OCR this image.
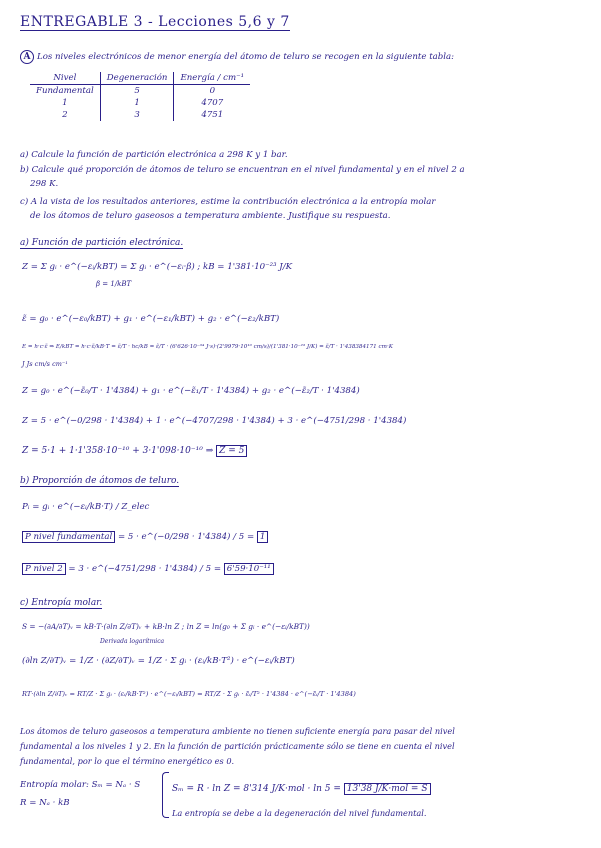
ENTREGABLE 3 - Lecciones 5,6 y 7
A Los niveles electrónicos de menor energía del átomo de teluro se recogen en la siguiente tabla:
Nivel	Degeneración	Energía / cm⁻¹
Fundamental	5	0
1	1	4707
2	3	4751
a) Calcule la función de partición electrónica a 298 K y 1 bar.
b) Calcule qué proporción de átomos de teluro se encuentran en el nivel fundamental y en el nivel 2 a
298 K.
c) A la vista de los resultados anteriores, estime la contribución electrónica a la entropía molar
de los átomos de teluro gaseosos a temperatura ambiente. Justifique su respuesta.
a) Función de partición electrónica.
Z = Σ gᵢ · e^(−εᵢ/kBT) = Σ gᵢ · e^(−εᵢ·β) ; kB = 1'381·10⁻²³ J/K
β = 1/kBT
ε̃ = g₀ · e^(−ε₀/kBT) + g₁ · e^(−ε₁/kBT) + g₂ · e^(−ε₂/kBT)
E = h·c·ε̃ ⇒ E/kBT = h·c·ε̃/kB·T = ε̃/T · hc/kB = ε̃/T · (6'626·10⁻³⁴ J·s)·(2'9979·10¹⁰ cm/s)/(1'381·10⁻²³ J/K) = ε̃/T · 1'438384171 cm·K
J Js cm/s cm⁻¹
Z = g₀ · e^(−ε̃₀/T · 1'4384) + g₁ · e^(−ε̃₁/T · 1'4384) + g₂ · e^(−ε̃₂/T · 1'4384)
Z = 5 · e^(−0/298 · 1'4384) + 1 · e^(−4707/298 · 1'4384) + 3 · e^(−4751/298 · 1'4384)
Z = 5·1 + 1·1'358·10⁻¹⁰ + 3·1'098·10⁻¹⁰ ⇒ Z = 5
b) Proporción de átomos de teluro.
Pᵢ = gᵢ · e^(−εᵢ/kB·T) / Z_elec
P nivel fundamental = 5 · e^(−0/298 · 1'4384) / 5 = 1
P nivel 2 = 3 · e^(−4751/298 · 1'4384) / 5 = 6'59·10⁻¹¹
c) Entropía molar.
S = −(∂A/∂T)ᵥ = kB·T·(∂ln Z/∂T)ᵥ + kB·ln Z ; ln Z = ln(g₀ + Σ gᵢ · e^(−εᵢ/kBT))
Derivada logarítmica
(∂ln Z/∂T)ᵥ = 1/Z · (∂Z/∂T)ᵥ = 1/Z · Σ gᵢ · (εᵢ/kB·T²) · e^(−εᵢ/kBT)
RT·(∂ln Z/∂T)ᵥ = RT/Z · Σ gᵢ · (εᵢ/kB·T²) · e^(−εᵢ/kBT) = RT/Z · Σ gᵢ · ε̃ᵢ/T² · 1'4384 · e^(−ε̃ᵢ/T · 1'4384)
Los átomos de teluro gaseosos a temperatura ambiente no tienen suficiente energía para pasar del nivel
fundamental a los niveles 1 y 2. En la función de partición prácticamente sólo se tiene en cuenta el nivel
fundamental, por lo que el término energético es 0.
Entropía molar: Sₘ = Nₐ · S
R = Nₐ · kB
Sₘ = R · ln Z = 8'314 J/K·mol · ln 5 = 13'38 J/K·mol = S
La entropía se debe a la degeneración del nivel fundamental.
